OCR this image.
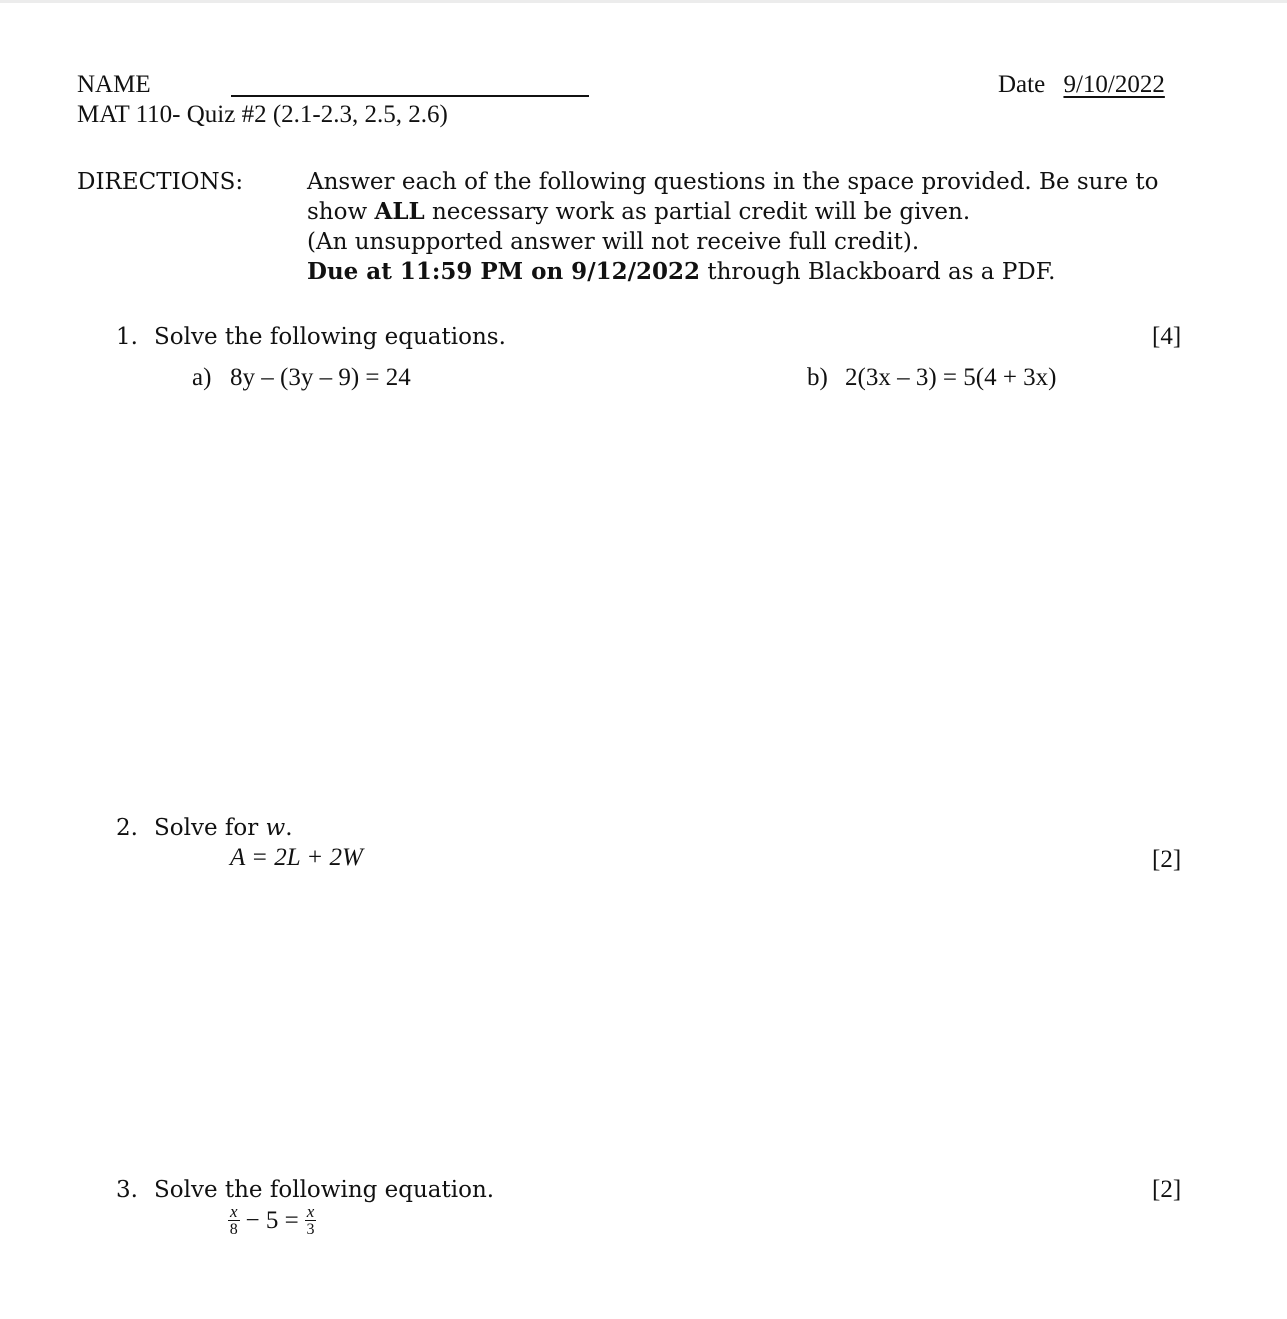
NAME	Date 9/10/2022
MAT 110- Quiz #2 (2.1-2.3, 2.5, 2.6)
DIRECTIONS:	Answer each of the following questions in the space provided. Be sure to
show ALL necessary work as partial credit will be given.
(An unsupported answer will not receive full credit).
Due at 11:59 PM on 9/12/2022 through Blackboard as a PDF.
1. Solve the following equations.	[4]
a) 8y – (3y – 9) = 24	b) 2(3x – 3) = 5(4 + 3x)
2. Solve for w.
A = 2L + 2W	[2]
3. Solve the following equation.	[2]
$\frac{x}{8} - 5 = \frac{x}{3}$
